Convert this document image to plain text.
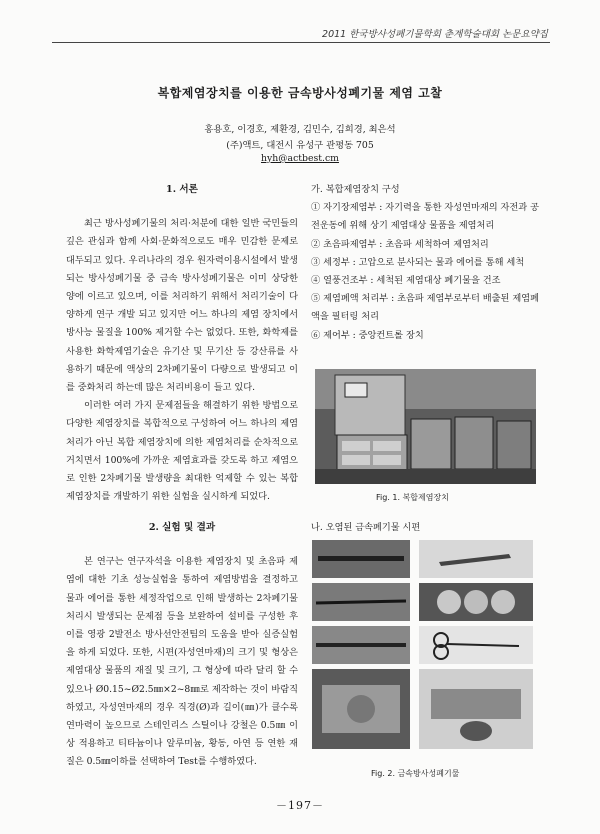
2011 한국방사성폐기물학회 춘계학술대회 논문요약집
복합제염장치를 이용한 금속방사성폐기물 제염 고찰
홍용호, 이경호, 제환경, 김민수, 김희경, 최은석
(주)액트, 대전시 유성구 관평동 705
hyh@actbest.cm
1. 서론

최근 방사성폐기물의 처리·처분에 대한 일반 국민들의 깊은 관심과 함께 사회·문화적으로도 매우 민감한 문제로 대두되고 있다. 우리나라의 경우 원자력이용시설에서 발생되는 방사성폐기물 중 금속 방사성폐기물은 이미 상당한 양에 이르고 있으며, 이를 처리하기 위해서 처리기술이 다양하게 연구 개발 되고 있지만 어느 하나의 제염 장치에서 방사능 물질을 100% 제거할 수는 없었다. 또한, 화학제를 사용한 화학제염기술은 유기산 및 무기산 등 강산류를 사용하기 때문에 액상의 2차폐기물이 다량으로 발생되고 이를 중화처리 하는데 많은 처리비용이 들고 있다.

이러한 여러 가지 문제점들을 해결하기 위한 방법으로 다양한 제염장치를 복합적으로 구성하여 어느 하나의 제염처리가 아닌 복합 제염장치에 의한 제염처리를 순차적으로 거치면서 100%에 가까운 제염효과를 갖도록 하고 제염으로 인한 2차폐기물 발생량을 최대한 억제할 수 있는 복합제염장치를 개발하기 위한 실험을 실시하게 되었다.

2. 실험 및 결과

본 연구는 연구자석을 이용한 제염장치 및 초음파 제염에 대한 기초 성능실험을 통하여 제염방법을 결정하고 물과 에어를 통한 세정작업으로 인해 발생하는 2차폐기물 처리시 발생되는 문제점 등을 보완하여 설비를 구성한 후 이를 영광 2발전소 방사선안전팀의 도움을 받아 실증실험을 하게 되었다. 또한, 시편(자성연마재)의 크기 및 형상은 제염대상 물품의 재질 및 크기, 그 형상에 따라 달리 할 수 있으나 Ø0.15~Ø2.5㎜×2~8㎜로 제작하는 것이 바람직하였고, 자성연마재의 경우 직경(Ø)과 길이(㎜)가 클수록 연마력이 높으므로 스테인리스 스틸이나 강철은 0.5㎜ 이상 적용하고 티타늄이나 알루미늄, 황동, 아연 등 연한 재질은 0.5㎜이하를 선택하여 Test를 수행하였다.

가. 복합제염장치 구성
① 자기장제염부 : 자기력을 통한 자성연마재의 자전과 공전운동에 위해 상기 제염대상 물품을 제염처리
② 초음파제염부 : 초음파 세척하여 제염처리
③ 세정부 : 고압으로 분사되는 물과 에어를 통해 세척
④ 열풍건조부 : 세척된 제염대상 폐기물을 건조
⑤ 제염폐액 처리부 : 초음파 제염부로부터 배출된 제염폐액을 필터링 처리
⑥ 제어부 : 중앙컨트롤 장치
Fig. 1. 복합제염장치
나. 오염된 금속폐기물 시편
Fig. 2. 금속방사성폐기물
－197－
